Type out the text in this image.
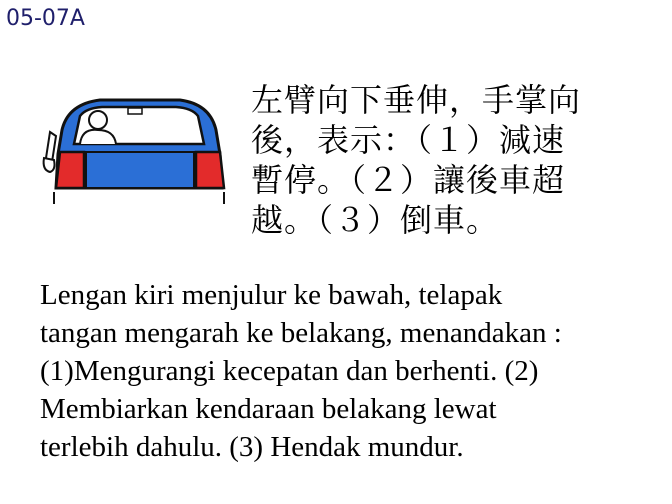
05-07A
左臂向下垂伸，手掌向
後，表示：（１）減速
暫停。（２）讓後車超
越。（３）倒車。
Lengan kiri menjulur ke bawah, telapak
tangan mengarah ke belakang, menandakan :
(1)Mengurangi kecepatan dan berhenti. (2)
Membiarkan kendaraan belakang lewat
terlebih dahulu. (3) Hendak mundur.
